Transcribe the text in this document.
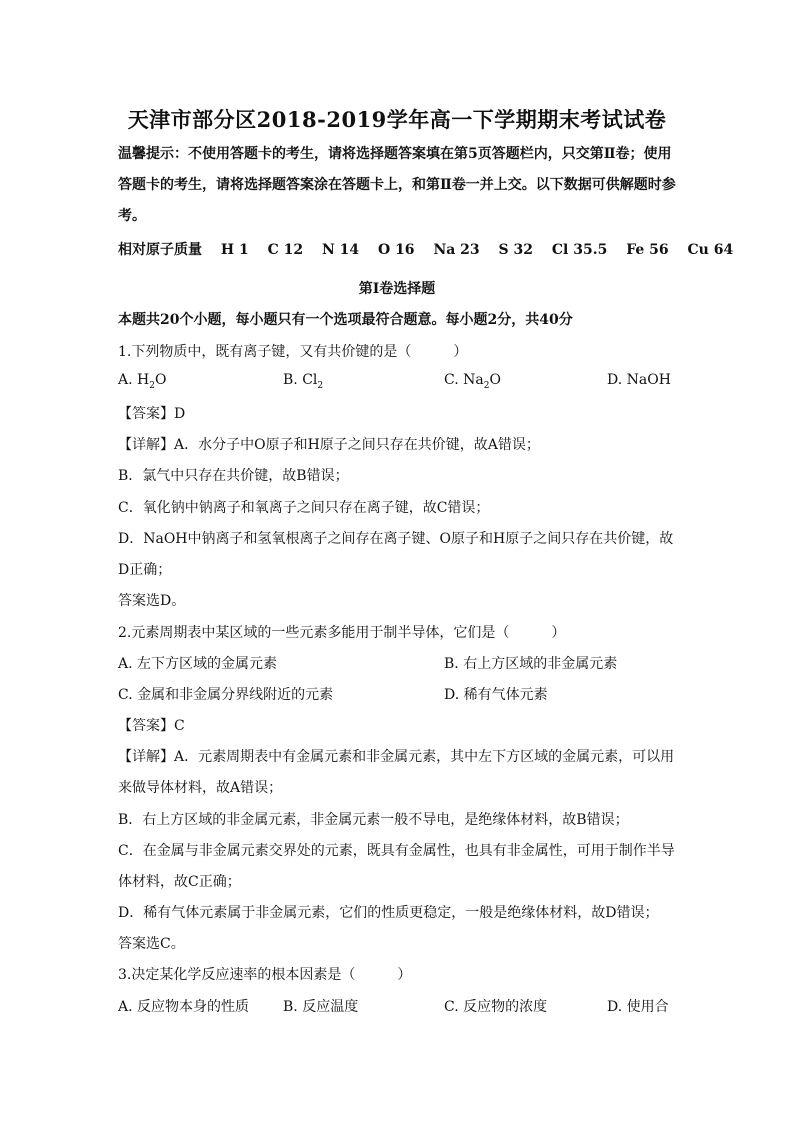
天津市部分区2018-2019学年高一下学期期末考试试卷
温馨提示：不使用答题卡的考生，请将选择题答案填在第5页答题栏内，只交第Ⅱ卷；使用答题卡的考生，请将选择题答案涂在答题卡上，和第Ⅱ卷一并上交。以下数据可供解题时参考。
相对原子质量 H 1 C 12 N 14 O 16 Na 23 S 32 Cl 35.5 Fe 56 Cu 64
第Ⅰ卷选择题
本题共20个小题，每小题只有一个选项最符合题意。每小题2分，共40分
1.下列物质中，既有离子键，又有共价键的是（　　　）
A. $H_2O$	B. $Cl_2$	C. $Na_2O$	D. NaOH
【答案】D
【详解】A．水分子中O原子和H原子之间只存在共价键，故A错误；
B．氯气中只存在共价键，故B错误；
C．氧化钠中钠离子和氧离子之间只存在离子键，故C错误；
D．NaOH中钠离子和氢氧根离子之间存在离子键、O原子和H原子之间只存在共价键，故
D正确；
答案选D。
2.元素周期表中某区域的一些元素多能用于制半导体，它们是（　　　）
A. 左下方区域的金属元素	B. 右上方区域的非金属元素
C. 金属和非金属分界线附近的元素	D. 稀有气体元素
【答案】C
【详解】A．元素周期表中有金属元素和非金属元素，其中左下方区域的金属元素，可以用
来做导体材料，故A错误；
B．右上方区域的非金属元素，非金属元素一般不导电，是绝缘体材料，故B错误；
C．在金属与非金属元素交界处的元素，既具有金属性，也具有非金属性，可用于制作半导
体材料，故C正确；
D．稀有气体元素属于非金属元素，它们的性质更稳定，一般是绝缘体材料，故D错误；
答案选C。
3.决定某化学反应速率的根本因素是（　　　）
A. 反应物本身的性质 B. 反应温度	C. 反应物的浓度	D. 使用合
